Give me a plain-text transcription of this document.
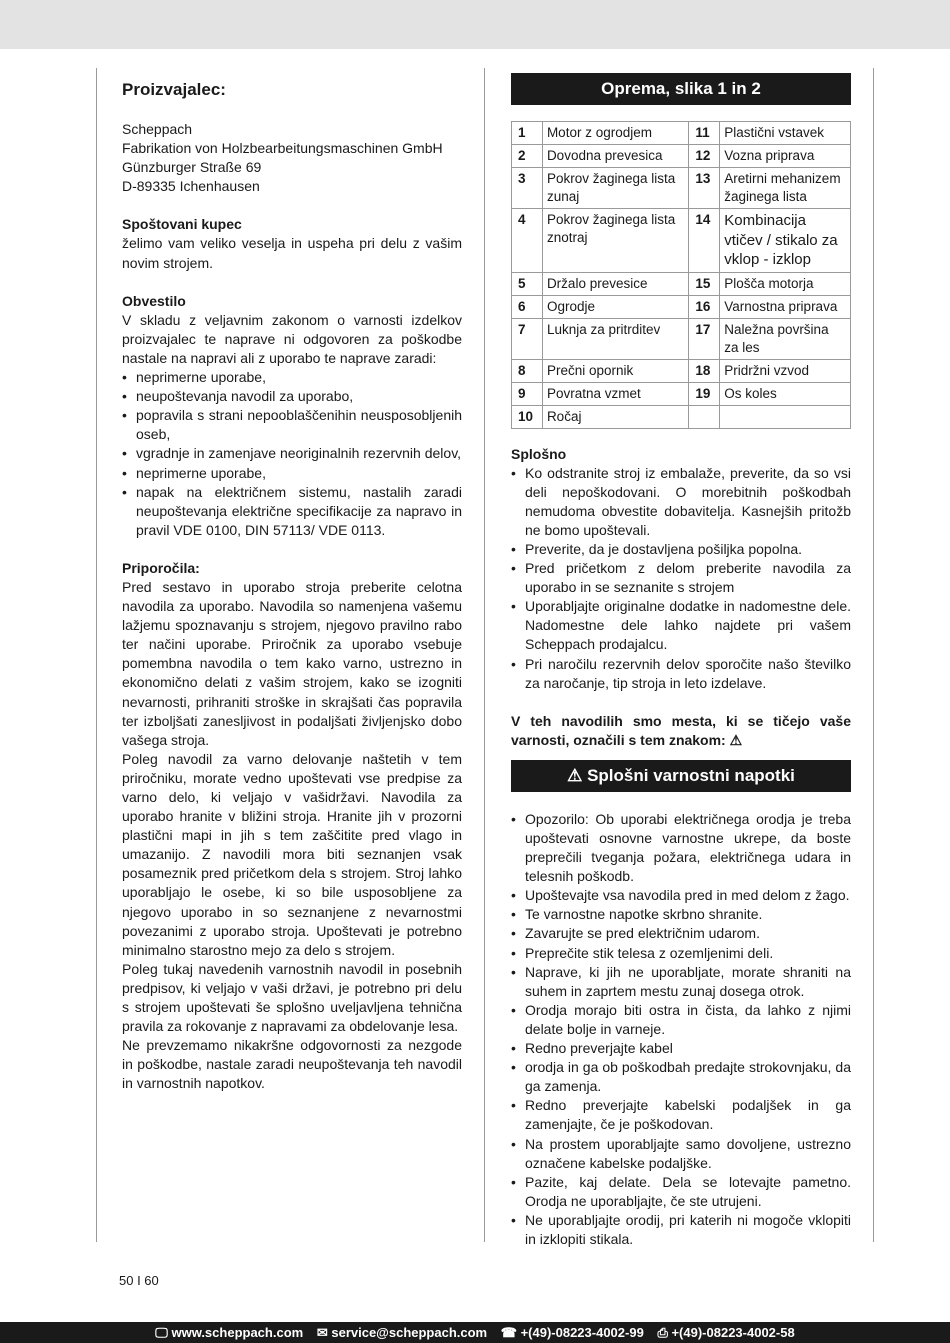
Proizvajalec:

Scheppach

Fabrikation von Holzbearbeitungsmaschinen GmbH

Günzburger Straße 69

D-89335 Ichenhausen

Spoštovani kupec

želimo vam veliko veselja in uspeha pri delu z vašim novim strojem.

Obvestilo

V skladu z veljavnim zakonom o varnosti izdelkov proizvajalec te naprave ni odgovoren za poškodbe nastale na napravi ali z uporabo te naprave zaradi:

• neprimerne uporabe,
• neupoštevanja navodil za uporabo,
• popravila s strani nepooblaščenihin neusposobljenih oseb,
• vgradnje in zamenjave neoriginalnih rezervnih delov,
• neprimerne uporabe,
• napak na električnem sistemu, nastalih zaradi neupoštevanja električne specifikacije za napravo in pravil VDE 0100, DIN 57113/ VDE 0113.

Priporočila:

Pred sestavo in uporabo stroja preberite celotna navodila za uporabo. Navodila so namenjena vašemu lažjemu spoznavanju s strojem, njegovo pravilno rabo ter načini uporabe. Priročnik za uporabo vsebuje pomembna navodila o tem kako varno, ustrezno in ekonomično delati z vašim strojem, kako se izogniti nevarnosti, prihraniti stroške in skrajšati čas popravila ter izboljšati zanesljivost in podaljšati življenjsko dobo vašega stroja.

Poleg navodil za varno delovanje naštetih v tem priročniku, morate vedno upoštevati vse predpise za varno delo, ki veljajo v vašidržavi. Navodila za uporabo hranite v bližini stroja. Hranite jih v prozorni plastični mapi in jih s tem zaščitite pred vlago in umazanijo. Z navodili mora biti seznanjen vsak posameznik pred pričetkom dela s strojem. Stroj lahko uporabljajo le osebe, ki so bile usposobljene za njegovo uporabo in so seznanjene z nevarnostmi povezanimi z uporabo stroja. Upoštevati je potrebno minimalno starostno mejo za delo s strojem.

Poleg tukaj navedenih varnostnih navodil in posebnih predpisov, ki veljajo v vaši državi, je potrebno pri delu s strojem upoštevati še splošno uveljavljena tehnična pravila za rokovanje z napravami za obdelovanje lesa.

Ne prevzemamo nikakršne odgovornosti za nezgode in poškodbe, nastale zaradi neupoštevanja teh navodil in varnostnih napotkov.

Oprema, slika 1 in 2
1	Motor z ogrodjem	11	Plastični vstavek
2	Dovodna prevesica	12	Vozna priprava
3	Pokrov žaginega lista zunaj	13	Aretirni mehanizem žaginega lista
4	Pokrov žaginega lista znotraj	14	Kombinacija vtičev / stikalo za vklop - izklop
5	Držalo prevesice	15	Plošča motorja
6	Ogrodje	16	Varnostna priprava
7	Luknja za pritrditev	17	Naležna površina za les
8	Prečni opornik	18	Pridržni vzvod
9	Povratna vzmet	19	Os koles
10	Ročaj		

Splošno

• Ko odstranite stroj iz embalaže, preverite, da so vsi deli nepoškodovani. O morebitnih poškodbah nemudoma obvestite dobavitelja. Kasnejših pritožb ne bomo upoštevali.
• Preverite, da je dostavljena pošiljka popolna.
• Pred pričetkom z delom preberite navodila za uporabo in se seznanite s strojem
• Uporabljajte originalne dodatke in nadomestne dele. Nadomestne dele lahko najdete pri vašem Scheppach prodajalcu.
• Pri naročilu rezervnih delov sporočite našo številko za naročanje, tip stroja in leto izdelave.

V teh navodilih smo mesta, ki se tičejo vaše varnosti, označili s tem znakom: ⚠

⚠ Splošni varnostni napotki
• Opozorilo: Ob uporabi električnega orodja je treba upoštevati osnovne varnostne ukrepe, da boste preprečili tveganja požara, električnega udara in telesnih poškodb.
• Upoštevajte vsa navodila pred in med delom z žago.
• Te varnostne napotke skrbno shranite.
• Zavarujte se pred električnim udarom.
• Preprečite stik telesa z ozemljenimi deli.
• Naprave, ki jih ne uporabljate, morate shraniti na suhem in zaprtem mestu zunaj dosega otrok.
• Orodja morajo biti ostra in čista, da lahko z njimi delate bolje in varneje.
• Redno preverjajte kabel
• orodja in ga ob poškodbah predajte strokovnjaku, da ga zamenja.
• Redno preverjajte kabelski podaljšek in ga zamenjajte, če je poškodovan.
• Na prostem uporabljajte samo dovoljene, ustrezno označene kabelske podaljške.
• Pazite, kaj delate. Dela se lotevajte pametno. Orodja ne uporabljajte, če ste utrujeni.
• Ne uporabljajte orodij, pri katerih ni mogoče vklopiti in izklopiti stikala.
50 I 60
🖵 www.scheppach.com ✉ service@scheppach.com ☎ +(49)-08223-4002-99 ⎙ +(49)-08223-4002-58
